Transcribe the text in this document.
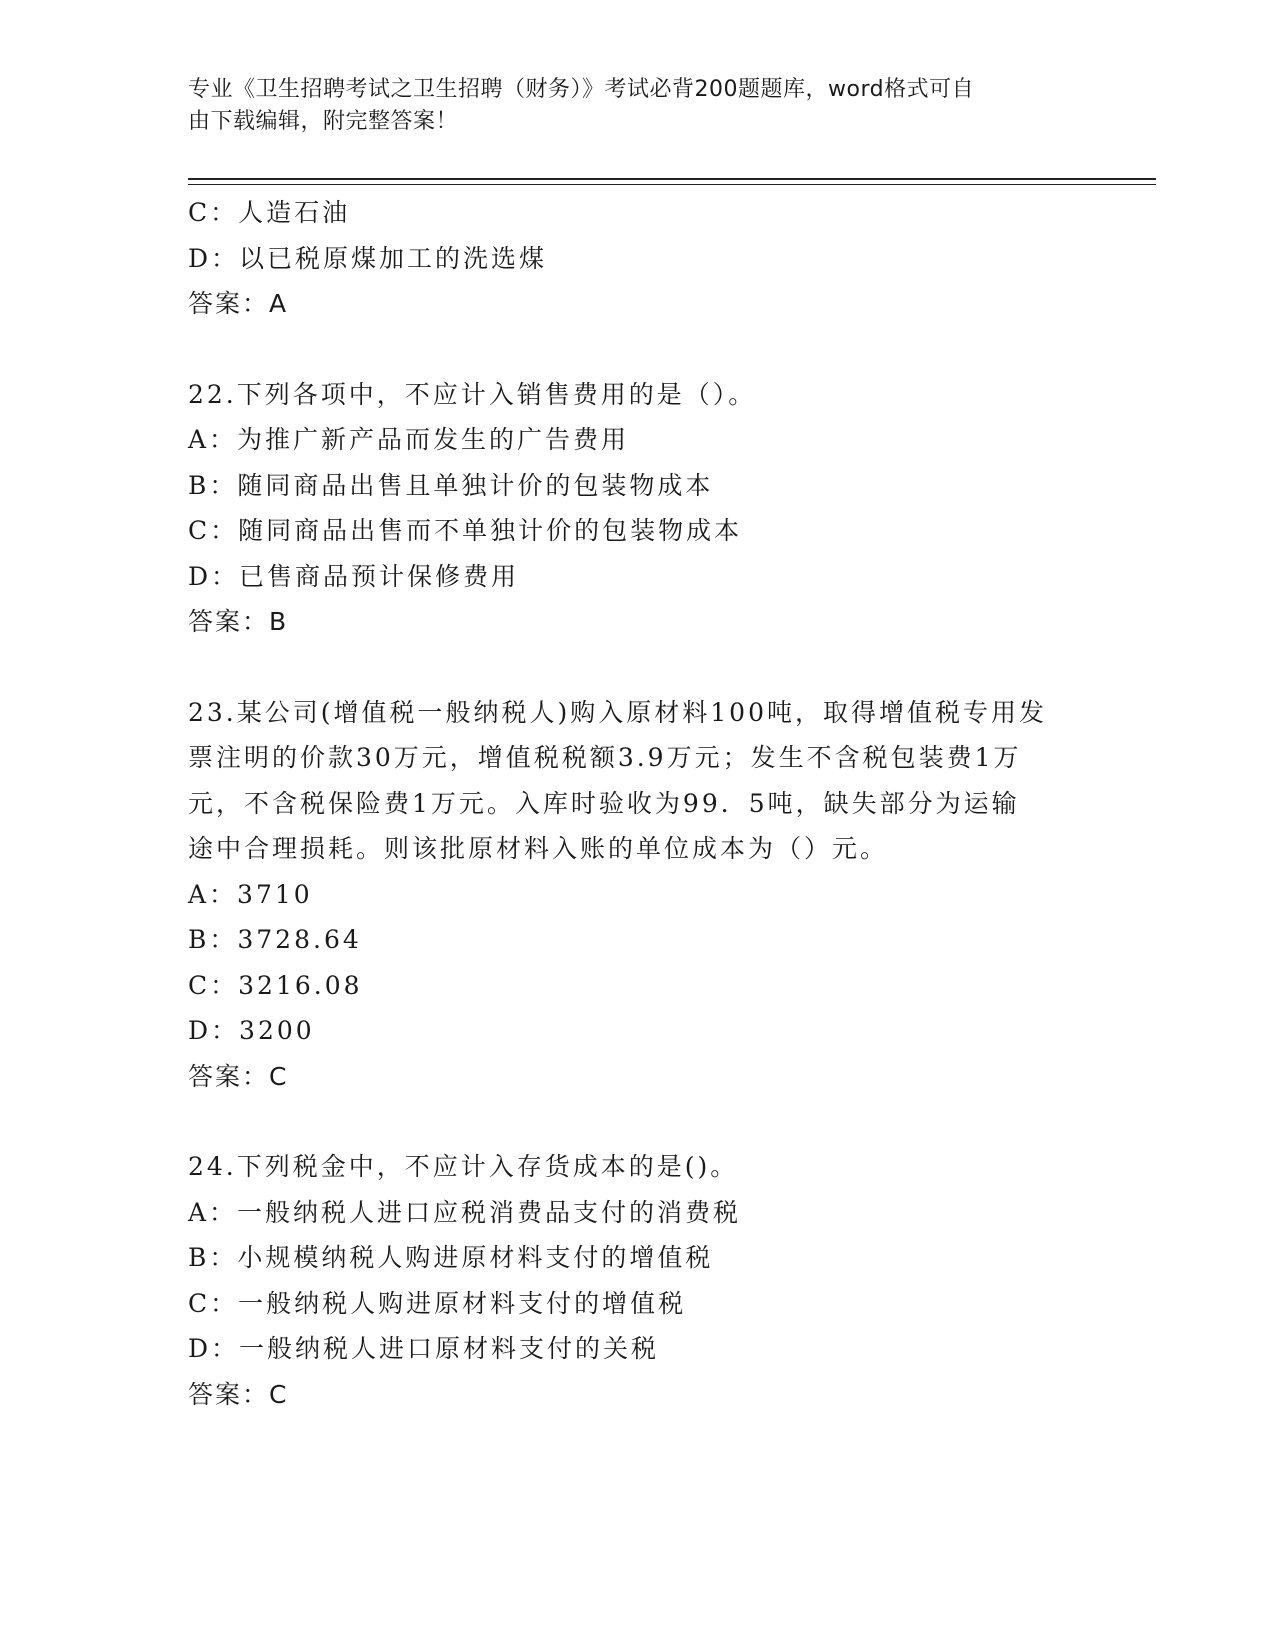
专业《卫生招聘考试之卫生招聘（财务）》考试必背200题题库，word格式可自
由下载编辑，附完整答案！
C：人造石油
D：以已税原煤加工的洗选煤
答案：A
22.下列各项中，不应计入销售费用的是（）。
A：为推广新产品而发生的广告费用
B：随同商品出售且单独计价的包装物成本
C：随同商品出售而不单独计价的包装物成本
D：已售商品预计保修费用
答案：B
23.某公司(增值税一般纳税人)购入原材料100吨，取得增值税专用发
票注明的价款30万元，增值税税额3.9万元；发生不含税包装费1万
元，不含税保险费1万元。入库时验收为99．5吨，缺失部分为运输
途中合理损耗。则该批原材料入账的单位成本为（）元。
A：3710
B：3728.64
C：3216.08
D：3200
答案：C
24.下列税金中，不应计入存货成本的是()。
A：一般纳税人进口应税消费品支付的消费税
B：小规模纳税人购进原材料支付的增值税
C：一般纳税人购进原材料支付的增值税
D：一般纳税人进口原材料支付的关税
答案：C
